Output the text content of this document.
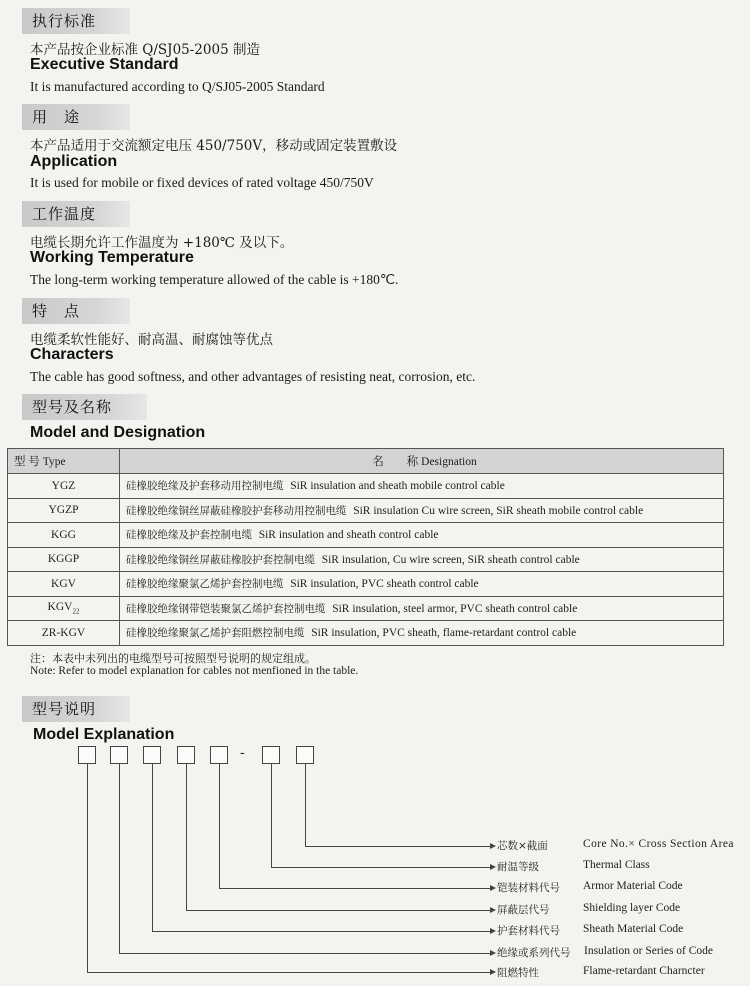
执行标准
本产品按企业标准 Q/SJ05-2005 制造
Executive Standard
It is manufactured according to Q/SJ05-2005 Standard
用　途
本产品适用于交流额定电压 450/750V，移动或固定装置敷设
Application
It is used for mobile or fixed devices of rated voltage 450/750V
工作温度
电缆长期允许工作温度为 +180℃ 及以下。
Working Temperature
The long-term working temperature allowed of the cable is +180℃.
特　点
电缆柔软性能好、耐高温、耐腐蚀等优点
Characters
The cable has good softness, and other advantages of resisting neat, corrosion, etc.
型号及名称
Model and Designation
型 号 Type	名　　称 Designation
YGZ	硅橡胶绝缘及护套移动用控制电缆 SiR insulation and sheath mobile control cable
YGZP	硅橡胶绝缘铜丝屏蔽硅橡胶护套移动用控制电缆 SiR insulation Cu wire screen, SiR sheath mobile control cable
KGG	硅橡胶绝缘及护套控制电缆 SiR insulation and sheath control cable
KGGP	硅橡胶绝缘铜丝屏蔽硅橡胶护套控制电缆 SiR insulation, Cu wire screen, SiR sheath control cable
KGV	硅橡胶绝缘聚氯乙烯护套控制电缆 SiR insulation, PVC sheath control cable
$KGV_{22}$	硅橡胶绝缘钢带铠装聚氯乙烯护套控制电缆 SiR insulation, steel armor, PVC sheath control cable
ZR-KGV	硅橡胶绝缘聚氯乙烯护套阻燃控制电缆 SiR insulation, PVC sheath, flame-retardant control cable
注：本表中未列出的电缆型号可按照型号说明的规定组成。
Note: Refer to model explanation for cables not menfioned in the table.
型号说明
Model Explanation
-
芯数×截面	Core No.× Cross Section Area
耐温等级	Thermal Class
铠装材料代号 Armor Material Code
屏蔽层代号	Shielding layer Code
护套材料代号 Sheath Material Code
绝缘或系列代号 Insulation or Series of Code
阻燃特性	Flame-retardant Charncter
